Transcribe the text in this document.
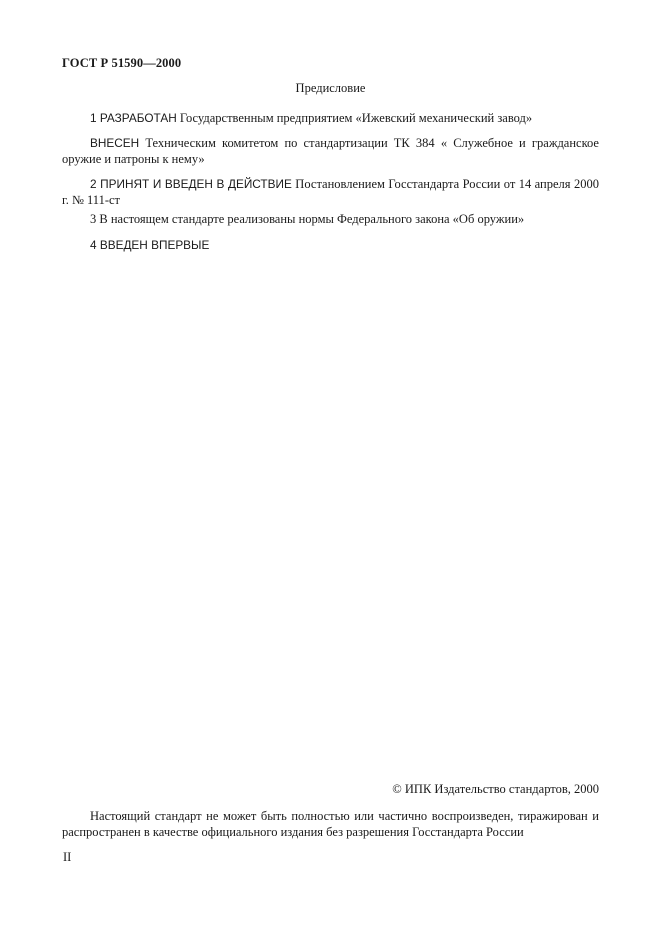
ГОСТ Р 51590—2000
Предисловие
1 РАЗРАБОТАН Государственным предприятием «Ижевский механический завод»
ВНЕСЕН Техническим комитетом по стандартизации ТК 384 « Служебное и гражданское оружие и патроны к нему»
2 ПРИНЯТ И ВВЕДЕН В ДЕЙСТВИЕ Постановлением Госстандарта России от 14 апреля 2000 г. № 111-ст
3 В настоящем стандарте реализованы нормы Федерального закона «Об оружии»
4 ВВЕДЕН ВПЕРВЫЕ
© ИПК Издательство стандартов, 2000
Настоящий стандарт не может быть полностью или частично воспроизведен, тиражирован и распространен в качестве официального издания без разрешения Госстандарта России
II
